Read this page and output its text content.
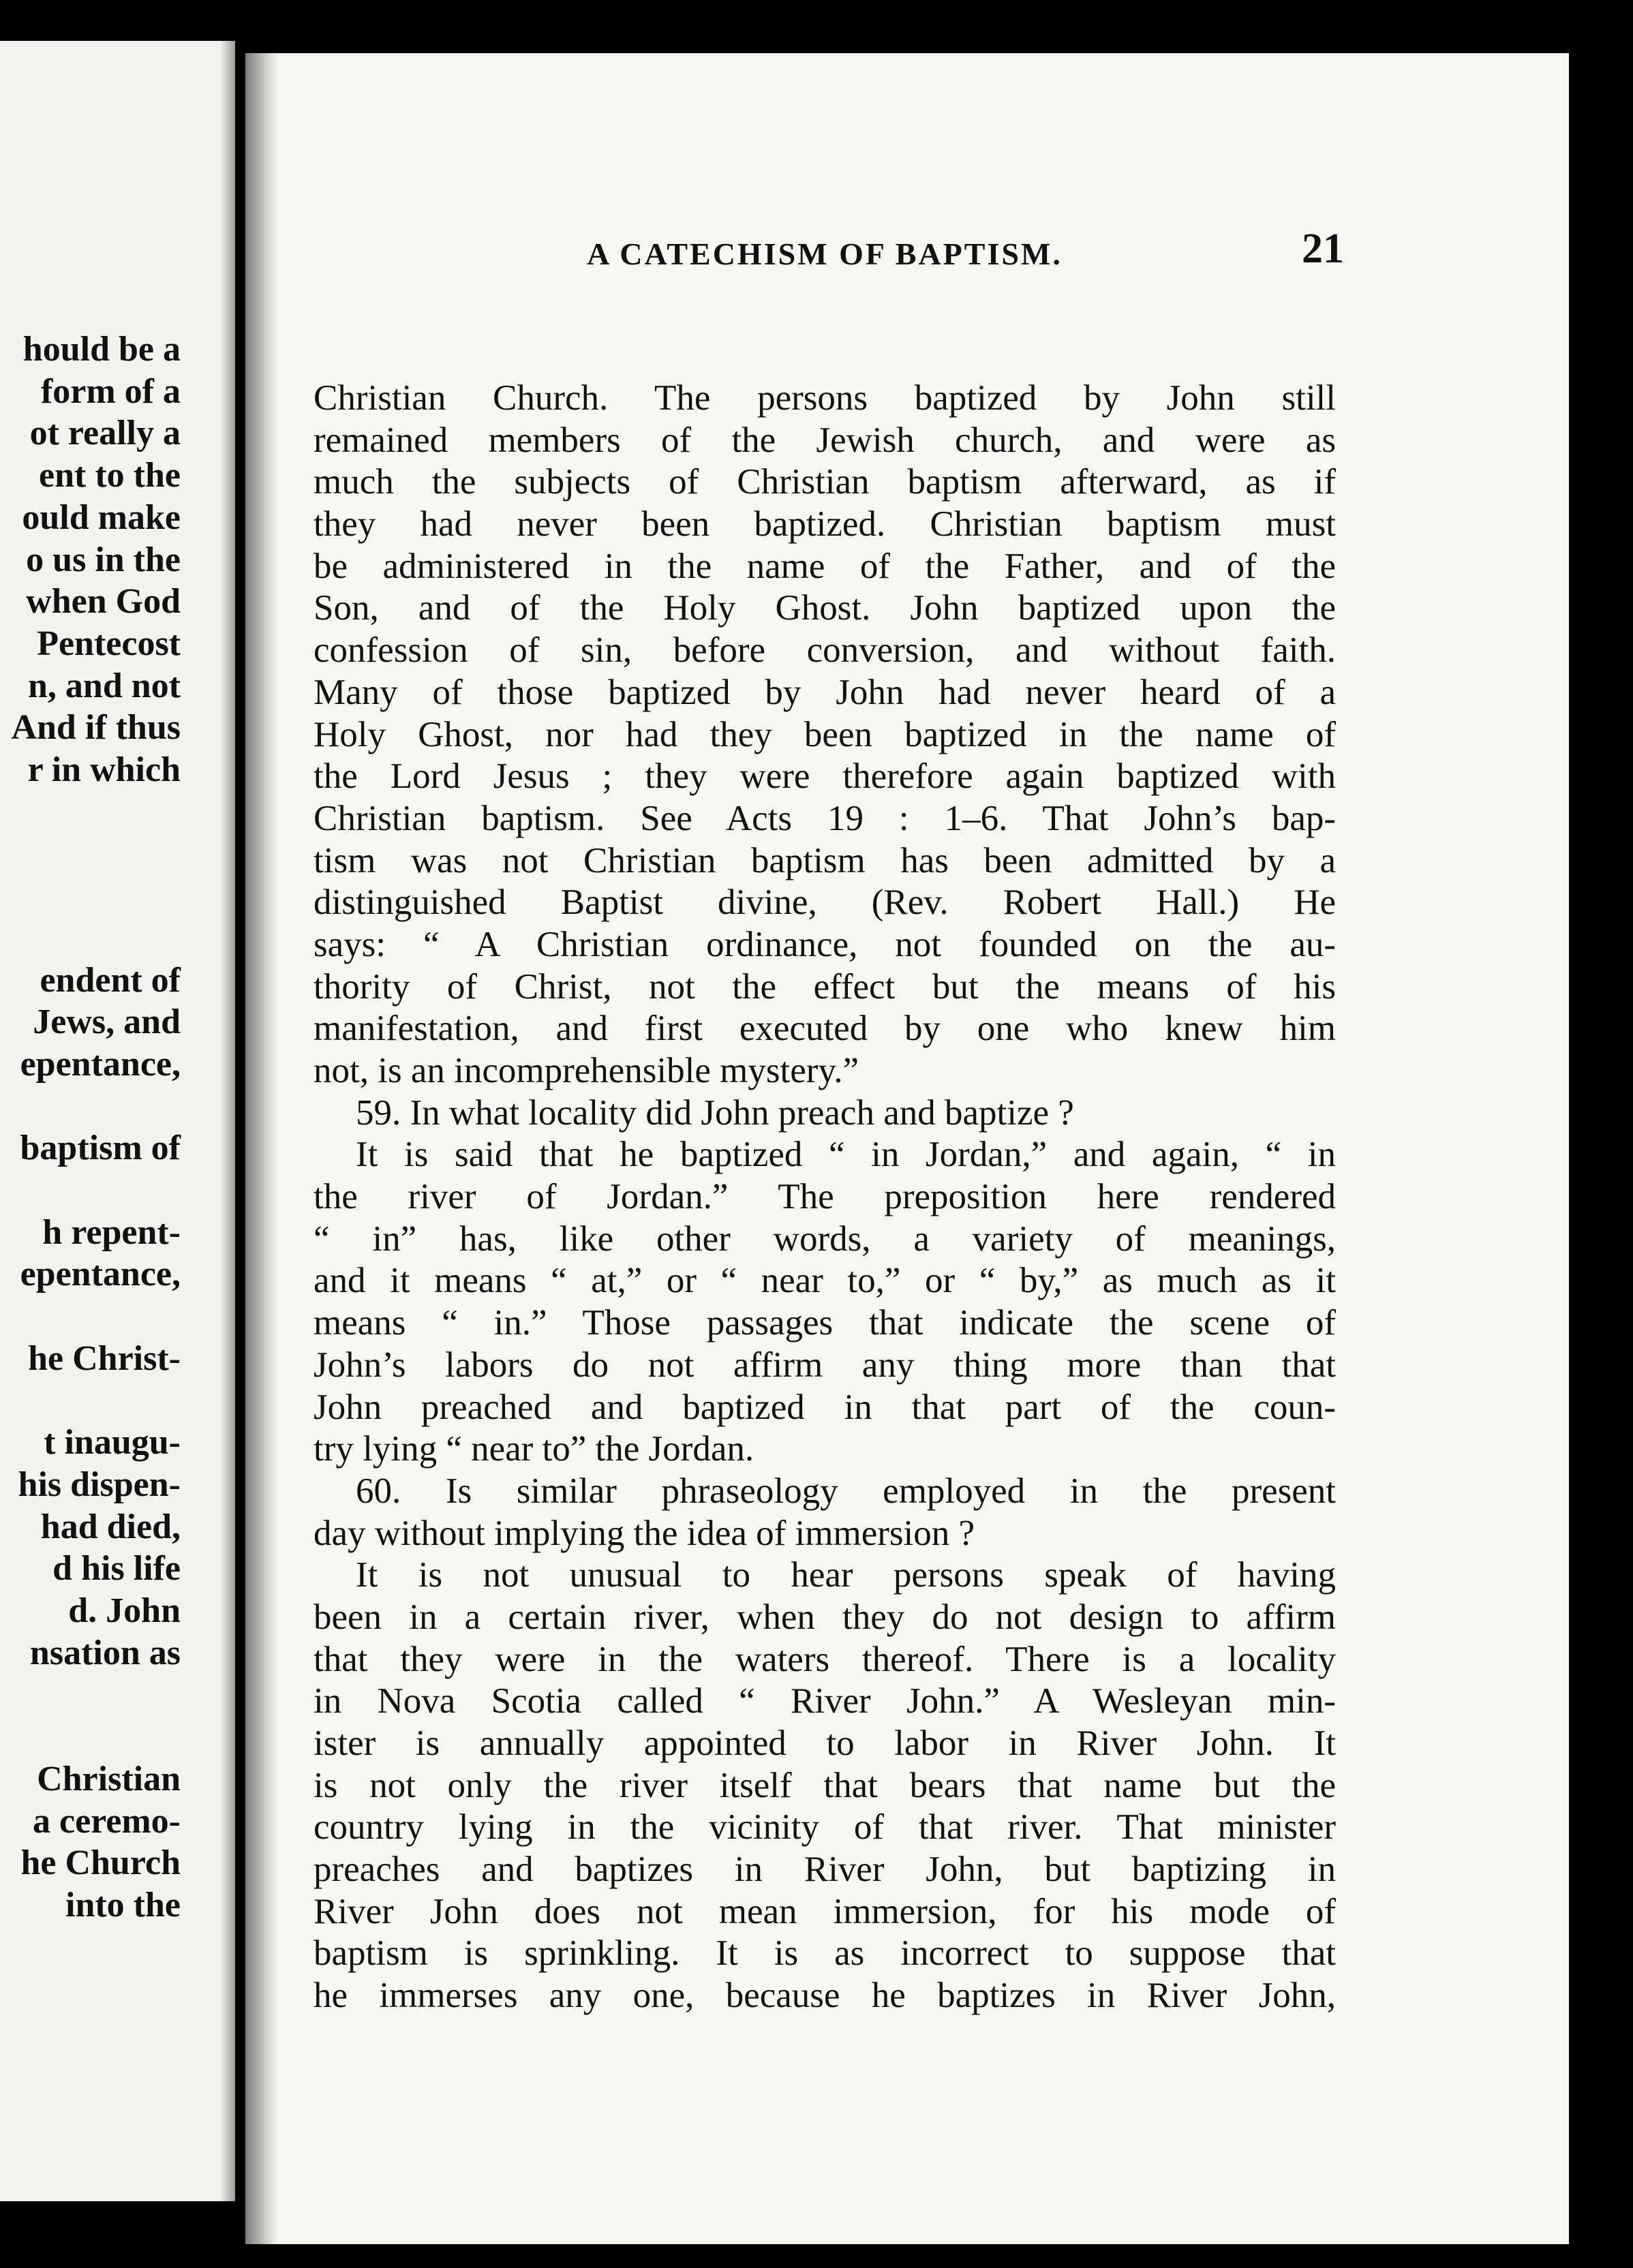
hould be a
form of a
ot really a
ent to the
ould make
o us in the
when God
Pentecost
n, and not
And if thus
r in which
endent of
Jews, and
epentance,
baptism of
h repent-
epentance,
he Christ-
t inaugu-
his dispen-
had died,
d his life
d. John
nsation as
Christian
a ceremo-
he Church
into the
A CATECHISM OF BAPTISM.	21
Christian Church. The persons baptized by John still
remained members of the Jewish church, and were as
much the subjects of Christian baptism afterward, as if
they had never been baptized. Christian baptism must
be administered in the name of the Father, and of the
Son, and of the Holy Ghost. John baptized upon the
confession of sin, before conversion, and without faith.
Many of those baptized by John had never heard of a
Holy Ghost, nor had they been baptized in the name of
the Lord Jesus ; they were therefore again baptized with
Christian baptism. See Acts 19 : 1–6. That John’s bap-
tism was not Christian baptism has been admitted by a
distinguished Baptist divine, (Rev. Robert Hall.) He
says: “ A Christian ordinance, not founded on the au-
thority of Christ, not the effect but the means of his
manifestation, and first executed by one who knew him
not, is an incomprehensible mystery.”
59. In what locality did John preach and baptize ?
It is said that he baptized “ in Jordan,” and again, “ in
the river of Jordan.” The preposition here rendered
“ in” has, like other words, a variety of meanings,
and it means “ at,” or “ near to,” or “ by,” as much as it
means “ in.” Those passages that indicate the scene of
John’s labors do not affirm any thing more than that
John preached and baptized in that part of the coun-
try lying “ near to” the Jordan.
60. Is similar phraseology employed in the present
day without implying the idea of immersion ?
It is not unusual to hear persons speak of having
been in a certain river, when they do not design to affirm
that they were in the waters thereof. There is a locality
in Nova Scotia called “ River John.” A Wesleyan min-
ister is annually appointed to labor in River John. It
is not only the river itself that bears that name but the
country lying in the vicinity of that river. That minister
preaches and baptizes in River John, but baptizing in
River John does not mean immersion, for his mode of
baptism is sprinkling. It is as incorrect to suppose that
he immerses any one, because he baptizes in River John,
